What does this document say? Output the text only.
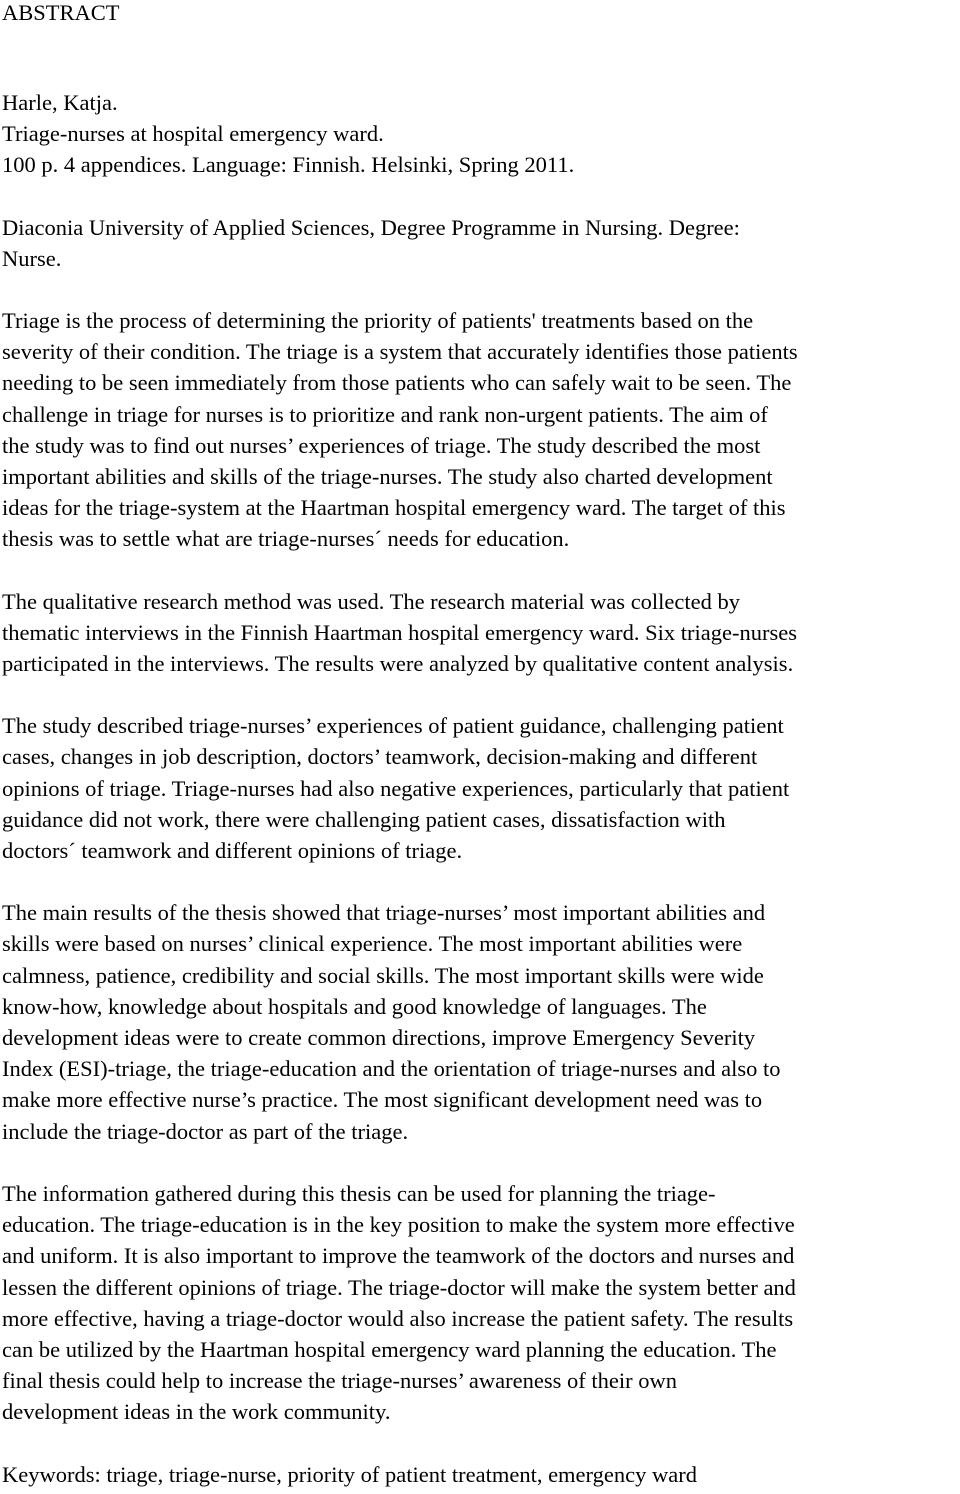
ABSTRACT
Harle, Katja.
Triage-nurses at hospital emergency ward.
100 p. 4 appendices. Language: Finnish. Helsinki, Spring 2011.
Diaconia University of Applied Sciences, Degree Programme in Nursing. Degree:
Nurse.
Triage is the process of determining the priority of patients' treatments based on the
severity of their condition. The triage is a system that accurately identifies those patients
needing to be seen immediately from those patients who can safely wait to be seen. The
challenge in triage for nurses is to prioritize and rank non-urgent patients. The aim of
the study was to find out nurses’ experiences of triage. The study described the most
important abilities and skills of the triage-nurses. The study also charted development
ideas for the triage-system at the Haartman hospital emergency ward. The target of this
thesis was to settle what are triage-nurses´ needs for education.
The qualitative research method was used. The research material was collected by
thematic interviews in the Finnish Haartman hospital emergency ward. Six triage-nurses
participated in the interviews. The results were analyzed by qualitative content analysis.
The study described triage-nurses’ experiences of patient guidance, challenging patient
cases, changes in job description, doctors’ teamwork, decision-making and different
opinions of triage. Triage-nurses had also negative experiences, particularly that patient
guidance did not work, there were challenging patient cases, dissatisfaction with
doctors´ teamwork and different opinions of triage.
The main results of the thesis showed that triage-nurses’ most important abilities and
skills were based on nurses’ clinical experience. The most important abilities were
calmness, patience, credibility and social skills. The most important skills were wide
know-how, knowledge about hospitals and good knowledge of languages. The
development ideas were to create common directions, improve Emergency Severity
Index (ESI)-triage, the triage-education and the orientation of triage-nurses and also to
make more effective nurse’s practice. The most significant development need was to
include the triage-doctor as part of the triage.
The information gathered during this thesis can be used for planning the triage-
education. The triage-education is in the key position to make the system more effective
and uniform. It is also important to improve the teamwork of the doctors and nurses and
lessen the different opinions of triage. The triage-doctor will make the system better and
more effective, having a triage-doctor would also increase the patient safety. The results
can be utilized by the Haartman hospital emergency ward planning the education. The
final thesis could help to increase the triage-nurses’ awareness of their own
development ideas in the work community.
Keywords: triage, triage-nurse, priority of patient treatment, emergency ward
